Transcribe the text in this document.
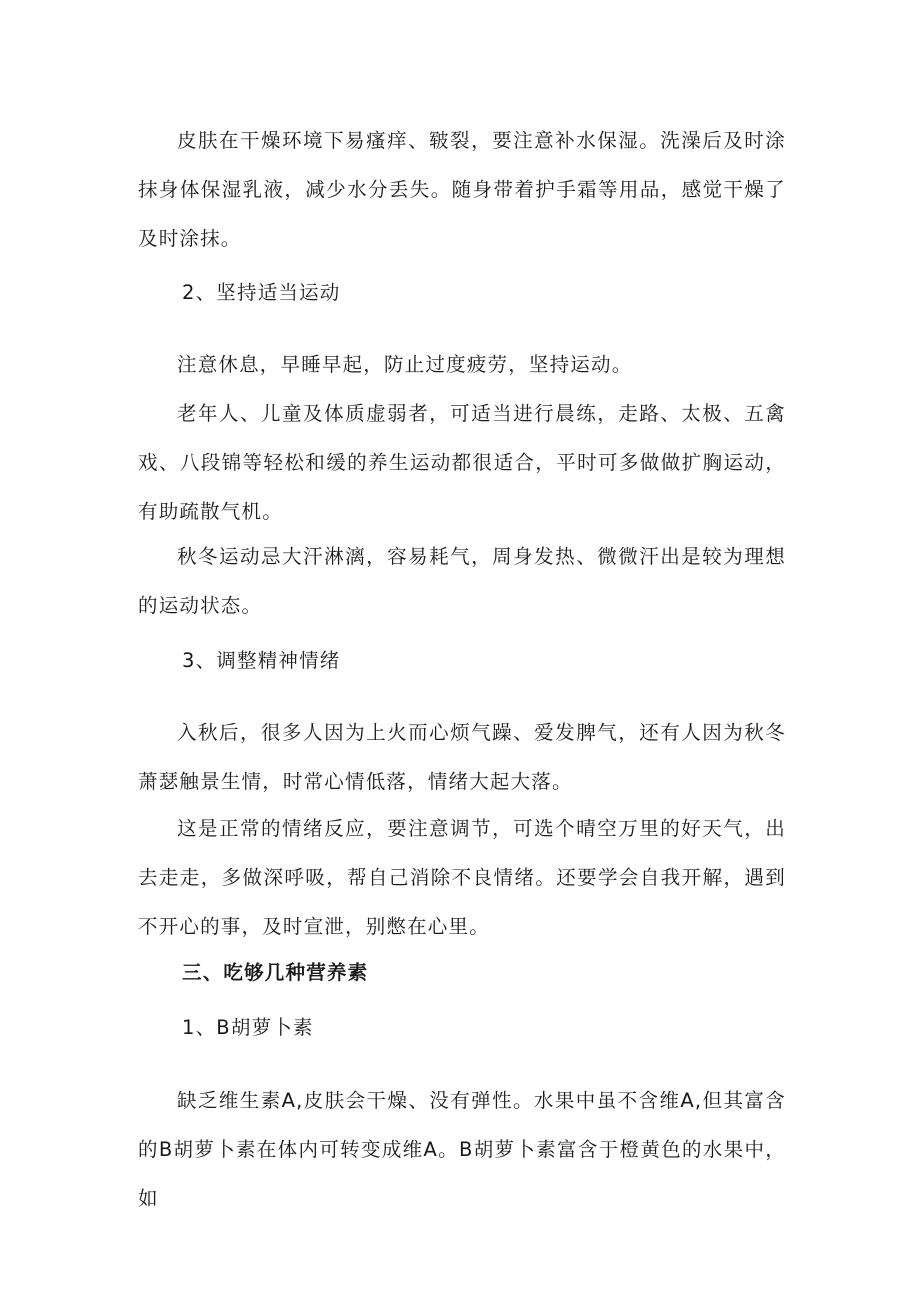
皮肤在干燥环境下易瘙痒、皲裂，要注意补水保湿。洗澡后及时涂抹身体保湿乳液，减少水分丢失。随身带着护手霜等用品，感觉干燥了及时涂抹。

2、坚持适当运动

注意休息，早睡早起，防止过度疲劳，坚持运动。

老年人、儿童及体质虚弱者，可适当进行晨练，走路、太极、五禽戏、八段锦等轻松和缓的养生运动都很适合，平时可多做做扩胸运动，有助疏散气机。

秋冬运动忌大汗淋漓，容易耗气，周身发热、微微汗出是较为理想的运动状态。

3、调整精神情绪

入秋后，很多人因为上火而心烦气躁、爱发脾气，还有人因为秋冬萧瑟触景生情，时常心情低落，情绪大起大落。

这是正常的情绪反应，要注意调节，可选个晴空万里的好天气，出去走走，多做深呼吸，帮自己消除不良情绪。还要学会自我开解，遇到不开心的事，及时宣泄，别憋在心里。

三、吃够几种营养素

1、B胡萝卜素

缺乏维生素A,皮肤会干燥、没有弹性。水果中虽不含维A,但其富含的B胡萝卜素在体内可转变成维A。B胡萝卜素富含于橙黄色的水果中，如
